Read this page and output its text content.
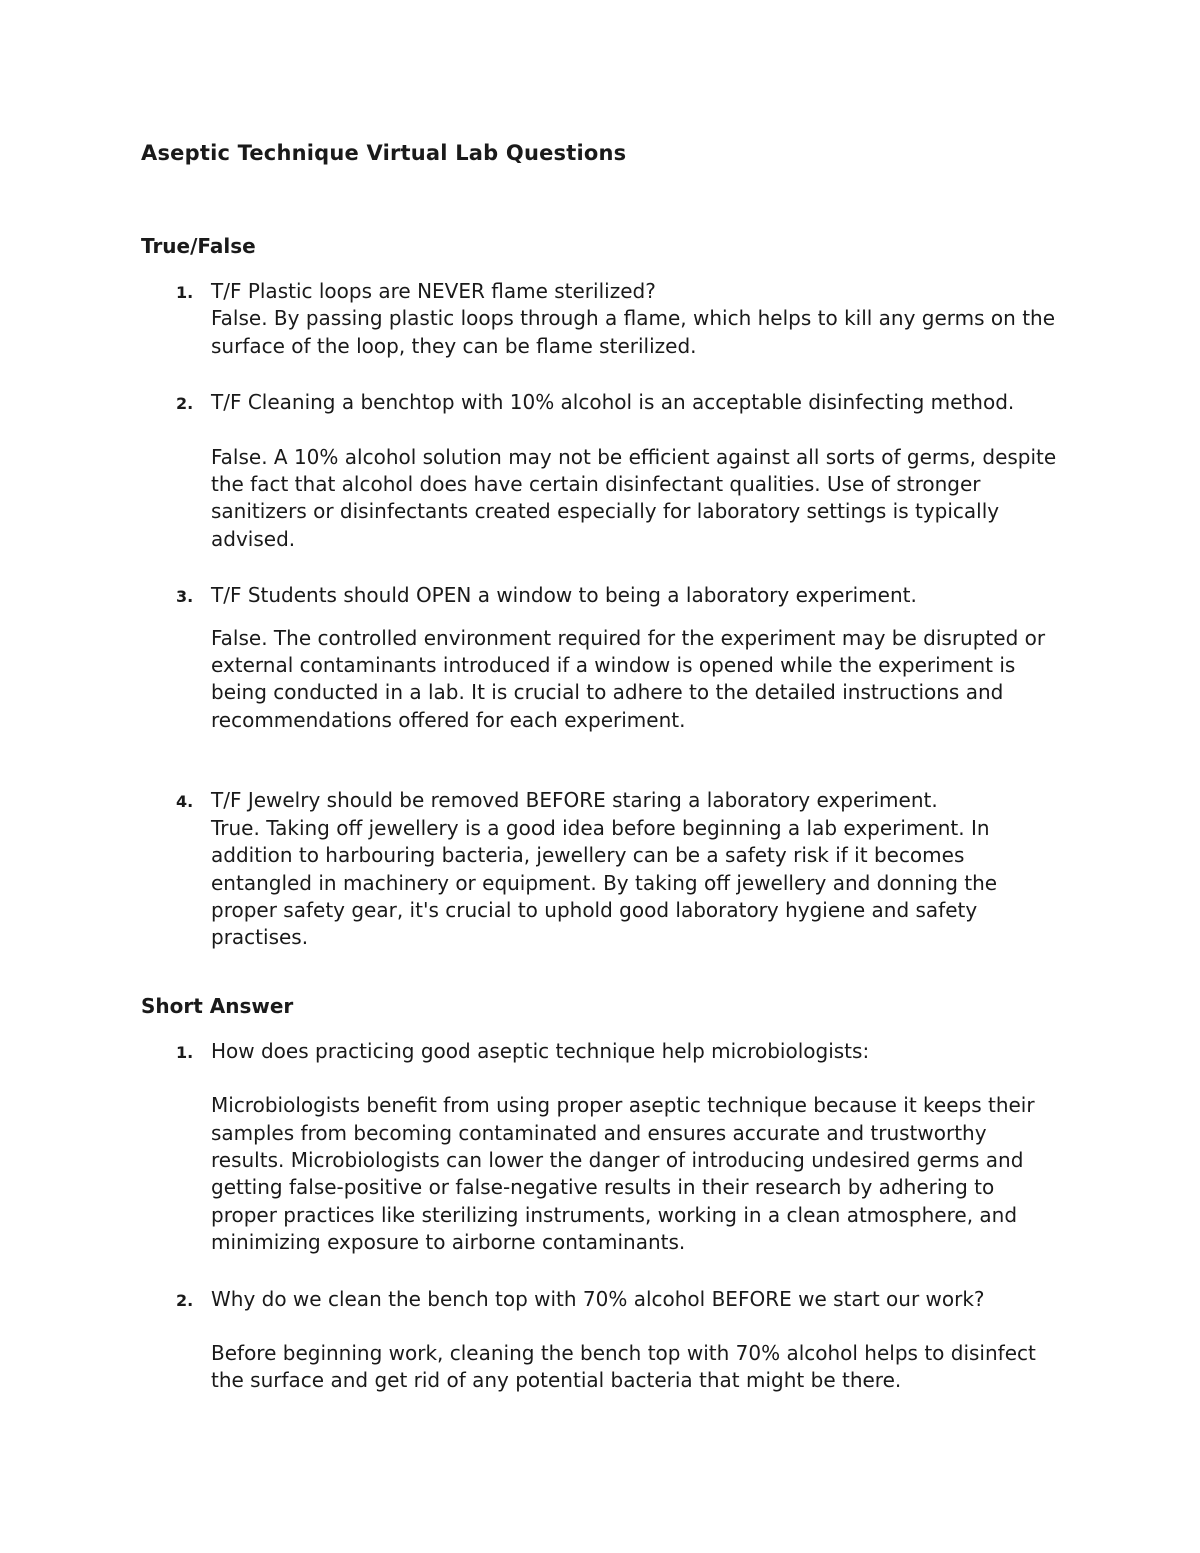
Aseptic Technique Virtual Lab Questions
True/False
1. T/F Plastic loops are NEVER flame sterilized?

False. By passing plastic loops through a flame, which helps to kill any germs on the surface of the loop, they can be flame sterilized.

2. T/F Cleaning a benchtop with 10% alcohol is an acceptable disinfecting method.

False. A 10% alcohol solution may not be efficient against all sorts of germs, despite the fact that alcohol does have certain disinfectant qualities. Use of stronger sanitizers or disinfectants created especially for laboratory settings is typically advised.

3. T/F Students should OPEN a window to being a laboratory experiment.

False. The controlled environment required for the experiment may be disrupted or external contaminants introduced if a window is opened while the experiment is being conducted in a lab. It is crucial to adhere to the detailed instructions and recommendations offered for each experiment.

4. T/F Jewelry should be removed BEFORE staring a laboratory experiment.

True. Taking off jewellery is a good idea before beginning a lab experiment. In addition to harbouring bacteria, jewellery can be a safety risk if it becomes entangled in machinery or equipment. By taking off jewellery and donning the proper safety gear, it's crucial to uphold good laboratory hygiene and safety practises.

Short Answer
1. How does practicing good aseptic technique help microbiologists:

Microbiologists benefit from using proper aseptic technique because it keeps their samples from becoming contaminated and ensures accurate and trustworthy results. Microbiologists can lower the danger of introducing undesired germs and getting false-positive or false-negative results in their research by adhering to proper practices like sterilizing instruments, working in a clean atmosphere, and minimizing exposure to airborne contaminants.

2. Why do we clean the bench top with 70% alcohol BEFORE we start our work?

Before beginning work, cleaning the bench top with 70% alcohol helps to disinfect the surface and get rid of any potential bacteria that might be there.
